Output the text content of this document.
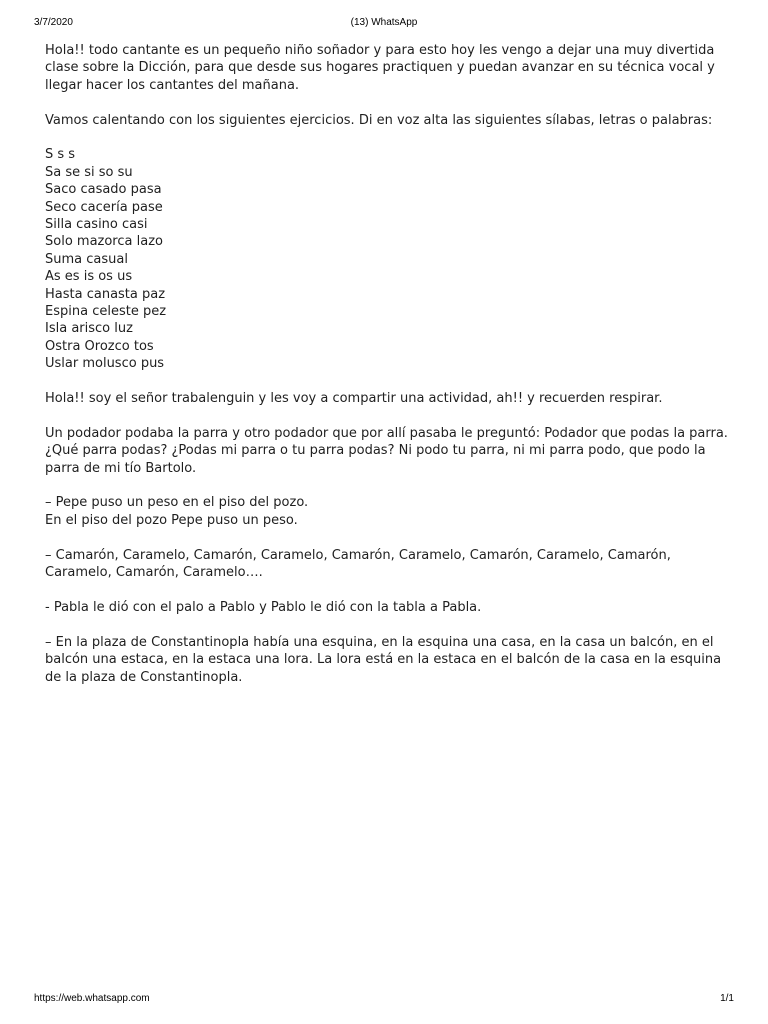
3/7/2020	(13) WhatsApp

Hola!! todo cantante es un pequeño niño soñador y para esto hoy les vengo a dejar una muy divertida clase sobre la Dicción, para que desde sus hogares practiquen y puedan avanzar en su técnica vocal y llegar hacer los cantantes del mañana.

Vamos calentando con los siguientes ejercicios. Di en voz alta las siguientes sílabas, letras o palabras:

S s s
Sa se si so su
Saco casado pasa
Seco cacería pase
Silla casino casi
Solo mazorca lazo
Suma casual
As es is os us
Hasta canasta paz
Espina celeste pez
Isla arisco luz
Ostra Orozco tos
Uslar molusco pus

Hola!! soy el señor trabalenguin y les voy a compartir una actividad, ah!! y recuerden respirar.

Un podador podaba la parra y otro podador que por allí pasaba le preguntó: Podador que podas la parra. ¿Qué parra podas? ¿Podas mi parra o tu parra podas? Ni podo tu parra, ni mi parra podo, que podo la parra de mi tío Bartolo.

– Pepe puso un peso en el piso del pozo.
En el piso del pozo Pepe puso un peso.

– Camarón, Caramelo, Camarón, Caramelo, Camarón, Caramelo, Camarón, Caramelo, Camarón, Caramelo, Camarón, Caramelo….

- Pabla le dió con el palo a Pablo y Pablo le dió con la tabla a Pabla.

– En la plaza de Constantinopla había una esquina, en la esquina una casa, en la casa un balcón, en el balcón una estaca, en la estaca una lora. La lora está en la estaca en el balcón de la casa en la esquina de la plaza de Constantinopla.

https://web.whatsapp.com	1/1
